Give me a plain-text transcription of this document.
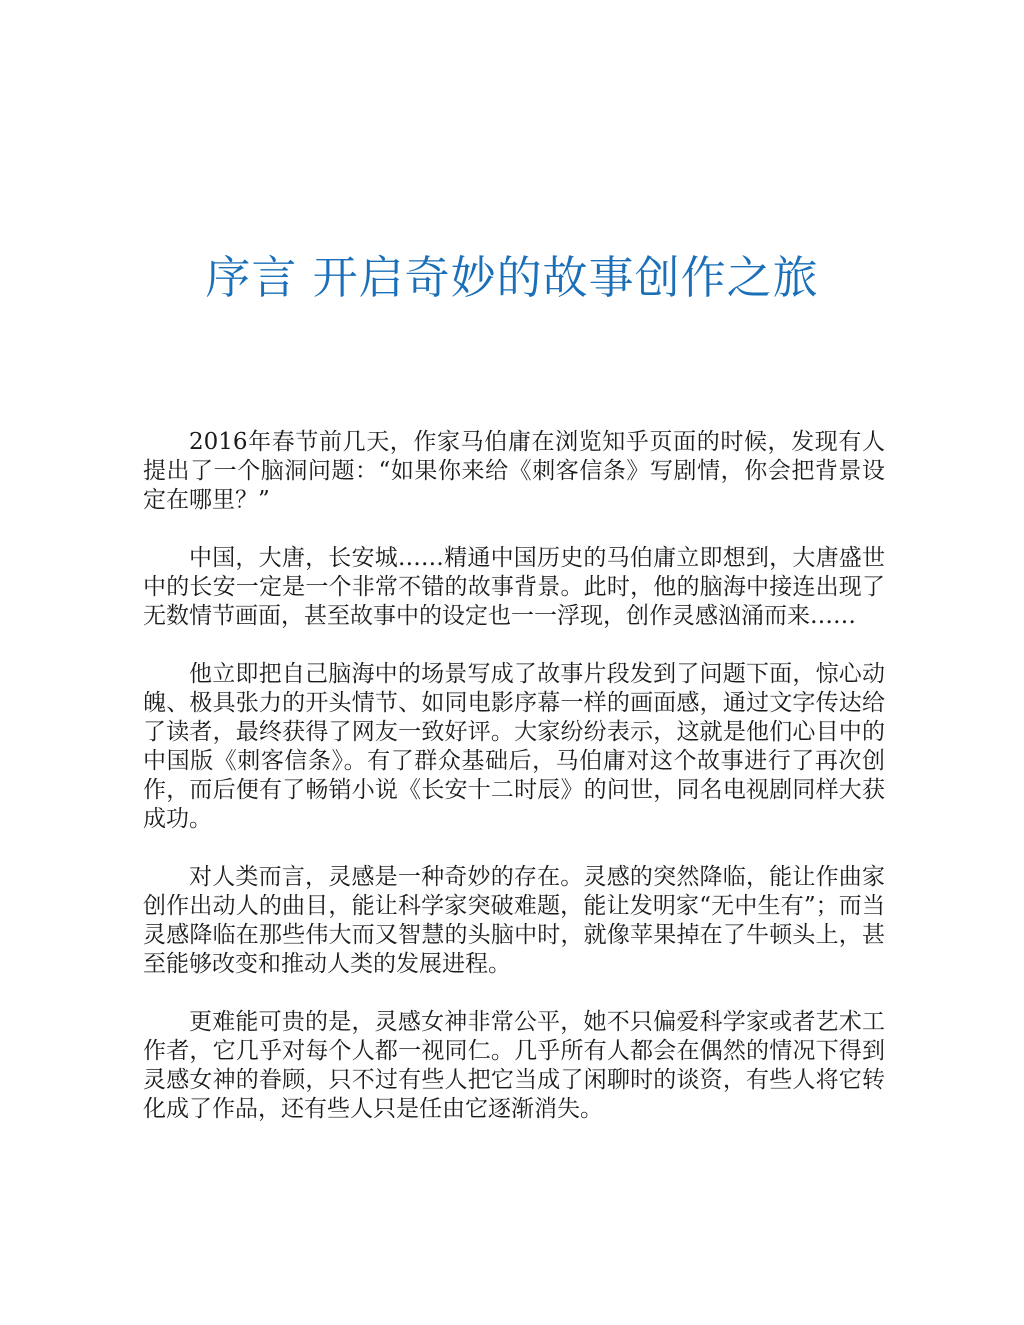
序言 开启奇妙的故事创作之旅

2016年春节前几天，作家马伯庸在浏览知乎页面的时候，发现有人提出了一个脑洞问题：“如果你来给《刺客信条》写剧情，你会把背景设定在哪里？”

中国，大唐，长安城……精通中国历史的马伯庸立即想到，大唐盛世中的长安一定是一个非常不错的故事背景。此时，他的脑海中接连出现了无数情节画面，甚至故事中的设定也一一浮现，创作灵感汹涌而来……

他立即把自己脑海中的场景写成了故事片段发到了问题下面，惊心动魄、极具张力的开头情节、如同电影序幕一样的画面感，通过文字传达给了读者，最终获得了网友一致好评。大家纷纷表示，这就是他们心目中的中国版《刺客信条》。有了群众基础后，马伯庸对这个故事进行了再次创作，而后便有了畅销小说《长安十二时辰》的问世，同名电视剧同样大获成功。

对人类而言，灵感是一种奇妙的存在。灵感的突然降临，能让作曲家创作出动人的曲目，能让科学家突破难题，能让发明家“无中生有”；而当灵感降临在那些伟大而又智慧的头脑中时，就像苹果掉在了牛顿头上，甚至能够改变和推动人类的发展进程。

更难能可贵的是，灵感女神非常公平，她不只偏爱科学家或者艺术工作者，它几乎对每个人都一视同仁。几乎所有人都会在偶然的情况下得到灵感女神的眷顾，只不过有些人把它当成了闲聊时的谈资，有些人将它转化成了作品，还有些人只是任由它逐渐消失。
